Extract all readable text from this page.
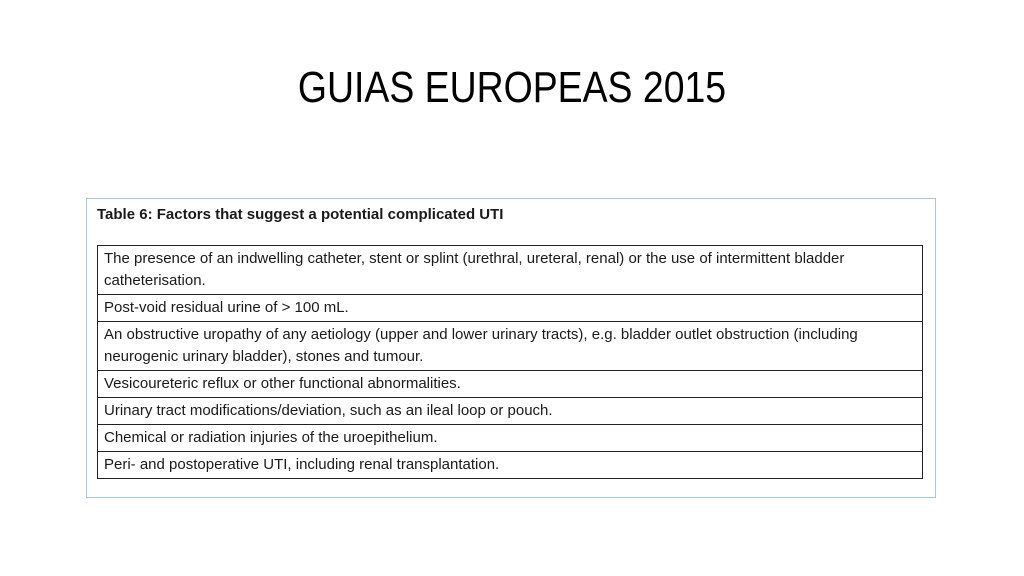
GUIAS EUROPEAS 2015
Table 6: Factors that suggest a potential complicated UTI
The presence of an indwelling catheter, stent or splint (urethral, ureteral, renal) or the use of intermittent bladder catheterisation.
Post-void residual urine of > 100 mL.
An obstructive uropathy of any aetiology (upper and lower urinary tracts), e.g. bladder outlet obstruction (including neurogenic urinary bladder), stones and tumour.
Vesicoureteric reflux or other functional abnormalities.
Urinary tract modifications/deviation, such as an ileal loop or pouch.
Chemical or radiation injuries of the uroepithelium.
Peri- and postoperative UTI, including renal transplantation.
